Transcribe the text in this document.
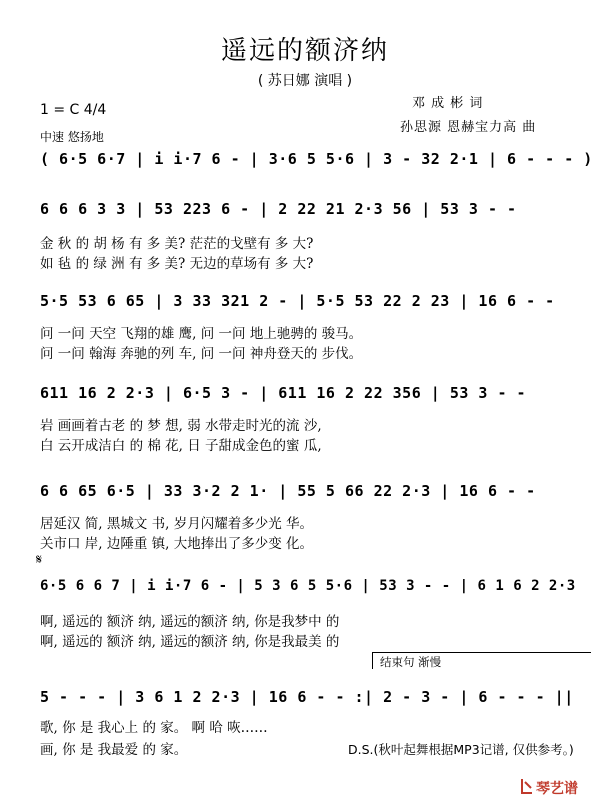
遥远的额济纳
( 苏日娜 演唱 )
邓 成 彬 词
孙思源 恩赫宝力高 曲
1 = C 4/4
中速 悠扬地
( 6·5 6·7 | i i·7 6 - | 3·6 5 5·6 | 3 - 32 2·1 | 6 - - - )
6 6 6 3 3 | 53 223 6 - | 2 22 21 2·3 56 | 53 3 - -
金 秋 的 胡 杨 有 多 美? 茫茫的戈壁有 多 大?
如 毡 的 绿 洲 有 多 美? 无边的草场有 多 大?
5·5 53 6 65 | 3 33 321 2 - | 5·5 53 22 2 23 | 16 6 - -
问 一问 天空 飞翔的雄 鹰, 问 一问 地上驰骋的 骏马。
问 一问 翰海 奔驰的列 车, 问 一问 神舟登天的 步伐。
611 16 2 2·3 | 6·5 3 - | 611 16 2 22 356 | 53 3 - -
岩 画画着古老 的 梦 想, 弱 水带走时光的流 沙,
白 云开成洁白 的 棉 花, 日 子甜成金色的蜜 瓜,
6 6 65 6·5 | 33 3·2 2 1· | 55 5 66 22 2·3 | 16 6 - -
居延汉 简, 黑城文 书, 岁月闪耀着多少光 华。
关市口 岸, 边陲重 镇, 大地捧出了多少变 化。
𝄋
6·5 6 6 7 | i i·7 6 - | 5 3 6 5 5·6 | 53 3 - - | 6 1 6 2 2·3
啊, 遥远的 额济 纳, 遥远的额济 纳, 你是我梦中 的
啊, 遥远的 额济 纳, 遥远的额济 纳, 你是我最美 的
结束句 渐慢
5 - - - | 3 6 1 2 2·3 | 16 6 - - :| 2 - 3 - | 6 - - - ||
歌, 你 是 我心上 的 家。 啊 哈 咴……
画, 你 是 我最爱 的 家。	D.S.(秋叶起舞根据MP3记谱, 仅供参考。)
琴艺谱
